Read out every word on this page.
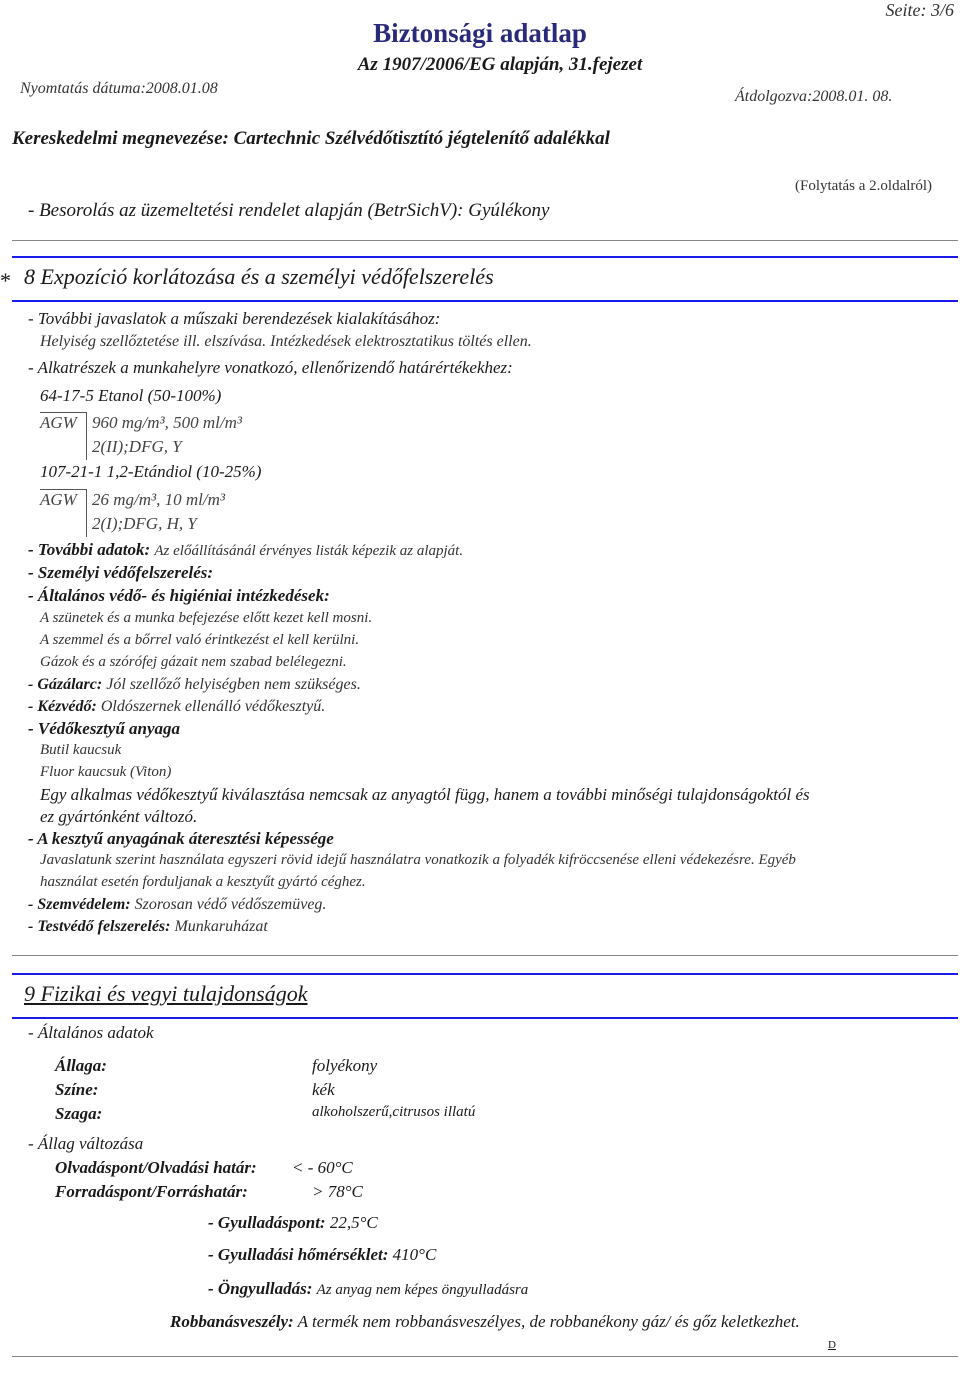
Biztonsági adatlap
Seite: 3/6
Az 1907/2006/EG alapján, 31.fejezet
Nyomtatás dátuma:2008.01.08	Átdolgozva:2008.01. 08.
Kereskedelmi megnevezése: Cartechnic Szélvédőtisztító jégtelenítő adalékkal
(Folytatás a 2.oldalról)
- Besorolás az üzemeltetési rendelet alapján (BetrSichV): Gyúlékony
* 8 Expozíció korlátozása és a személyi védőfelszerelés
- További javaslatok a műszaki berendezések kialakításához:
Helyiség szellőztetése ill. elszívása. Intézkedések elektrosztatikus töltés ellen.
- Alkatrészek a munkahelyre vonatkozó, ellenőrizendő határértékekhez:
64-17-5 Etanol (50-100%)
AGW 960 mg/m³, 500 ml/m³
2(II);DFG, Y
107-21-1 1,2-Etándiol (10-25%)
AGW 26 mg/m³, 10 ml/m³
2(I);DFG, H, Y
- További adatok: Az előállításánál érvényes listák képezik az alapját.
- Személyi védőfelszerelés:
- Általános védő- és higiéniai intézkedések:
A szünetek és a munka befejezése előtt kezet kell mosni.
A szemmel és a bőrrel való érintkezést el kell kerülni.
Gázok és a szórófej gázait nem szabad belélegezni.
- Gázálarc: Jól szellőző helyiségben nem szükséges.
- Kézvédő: Oldószernek ellenálló védőkesztyű.
- Védőkesztyű anyaga
Butil kaucsuk
Fluor kaucsuk (Viton)
Egy alkalmas védőkesztyű kiválasztása nemcsak az anyagtól függ, hanem a további minőségi tulajdonságoktól és
ez gyártónként változó.
- A kesztyű anyagának áteresztési képessége
Javaslatunk szerint használata egyszeri rövid idejű használatra vonatkozik a folyadék kifröccsenése elleni védekezésre. Egyéb
használat esetén forduljanak a kesztyűt gyártó céghez.
- Szemvédelem: Szorosan védő védőszemüveg.
- Testvédő felszerelés: Munkaruházat
9 Fizikai és vegyi tulajdonságok
- Általános adatok
Állaga:	folyékony
Színe:	kék
Szaga:	alkoholszerű,citrusos illatú
- Állag változása
Olvadáspont/Olvadási határ: < - 60°C
Forradáspont/Forráshatár:	> 78°C
- Gyulladáspont: 22,5°C
- Gyulladási hőmérséklet: 410°C
- Öngyulladás: Az anyag nem képes öngyulladásra
Robbanásveszély: A termék nem robbanásveszélyes, de robbanékony gáz/ és gőz keletkezhet.
D
